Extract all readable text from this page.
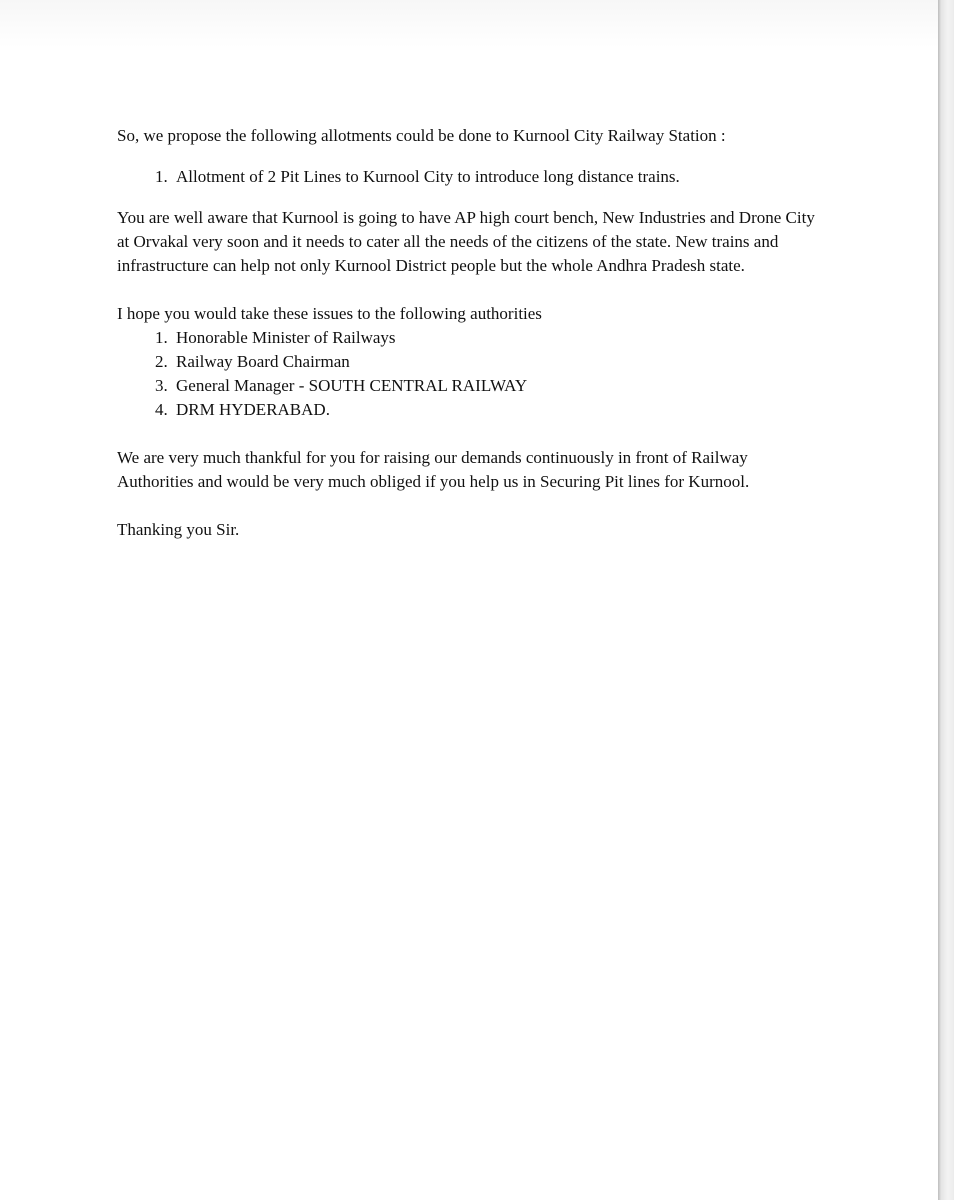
So, we propose the following allotments could be done to Kurnool City Railway Station :

1. Allotment of 2 Pit Lines to Kurnool City to introduce long distance trains.

You are well aware that Kurnool is going to have AP high court bench, New Industries and Drone City at Orvakal very soon and it needs to cater all the needs of the citizens of the state. New trains and infrastructure can help not only Kurnool District people but the whole Andhra Pradesh state.

I hope you would take these issues to the following authorities

1. Honorable Minister of Railways
2. Railway Board Chairman
3. General Manager - SOUTH CENTRAL RAILWAY
4. DRM HYDERABAD.

We are very much thankful for you for raising our demands continuously in front of Railway Authorities and would be very much obliged if you help us in Securing Pit lines for Kurnool.

Thanking you Sir.
